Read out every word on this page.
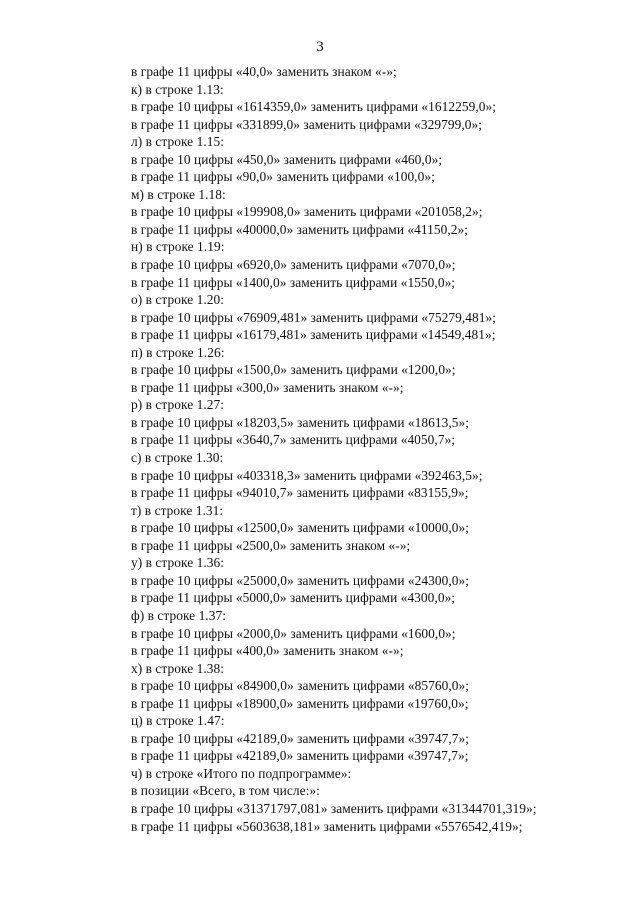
3
в графе 11 цифры «40,0» заменить знаком «-»;
к) в строке 1.13:
в графе 10 цифры «1614359,0» заменить цифрами «1612259,0»;
в графе 11 цифры «331899,0» заменить цифрами «329799,0»;
л) в строке 1.15:
в графе 10 цифры «450,0» заменить цифрами «460,0»;
в графе 11 цифры «90,0» заменить цифрами «100,0»;
м) в строке 1.18:
в графе 10 цифры «199908,0» заменить цифрами «201058,2»;
в графе 11 цифры «40000,0» заменить цифрами «41150,2»;
н) в строке 1.19:
в графе 10 цифры «6920,0» заменить цифрами «7070,0»;
в графе 11 цифры «1400,0» заменить цифрами «1550,0»;
о) в строке 1.20:
в графе 10 цифры «76909,481» заменить цифрами «75279,481»;
в графе 11 цифры «16179,481» заменить цифрами «14549,481»;
п) в строке 1.26:
в графе 10 цифры «1500,0» заменить цифрами «1200,0»;
в графе 11 цифры «300,0» заменить знаком «-»;
р) в строке 1.27:
в графе 10 цифры «18203,5» заменить цифрами «18613,5»;
в графе 11 цифры «3640,7» заменить цифрами «4050,7»;
с) в строке 1.30:
в графе 10 цифры «403318,3» заменить цифрами «392463,5»;
в графе 11 цифры «94010,7» заменить цифрами «83155,9»;
т) в строке 1.31:
в графе 10 цифры «12500,0» заменить цифрами «10000,0»;
в графе 11 цифры «2500,0» заменить знаком «-»;
у) в строке 1.36:
в графе 10 цифры «25000,0» заменить цифрами «24300,0»;
в графе 11 цифры «5000,0» заменить цифрами «4300,0»;
ф) в строке 1.37:
в графе 10 цифры «2000,0» заменить цифрами «1600,0»;
в графе 11 цифры «400,0» заменить знаком «-»;
х) в строке 1.38:
в графе 10 цифры «84900,0» заменить цифрами «85760,0»;
в графе 11 цифры «18900,0» заменить цифрами «19760,0»;
ц) в строке 1.47:
в графе 10 цифры «42189,0» заменить цифрами «39747,7»;
в графе 11 цифры «42189,0» заменить цифрами «39747,7»;
ч) в строке «Итого по подпрограмме»:
в позиции «Всего, в том числе:»:
в графе 10 цифры «31371797,081» заменить цифрами «31344701,319»;
в графе 11 цифры «5603638,181» заменить цифрами «5576542,419»;
